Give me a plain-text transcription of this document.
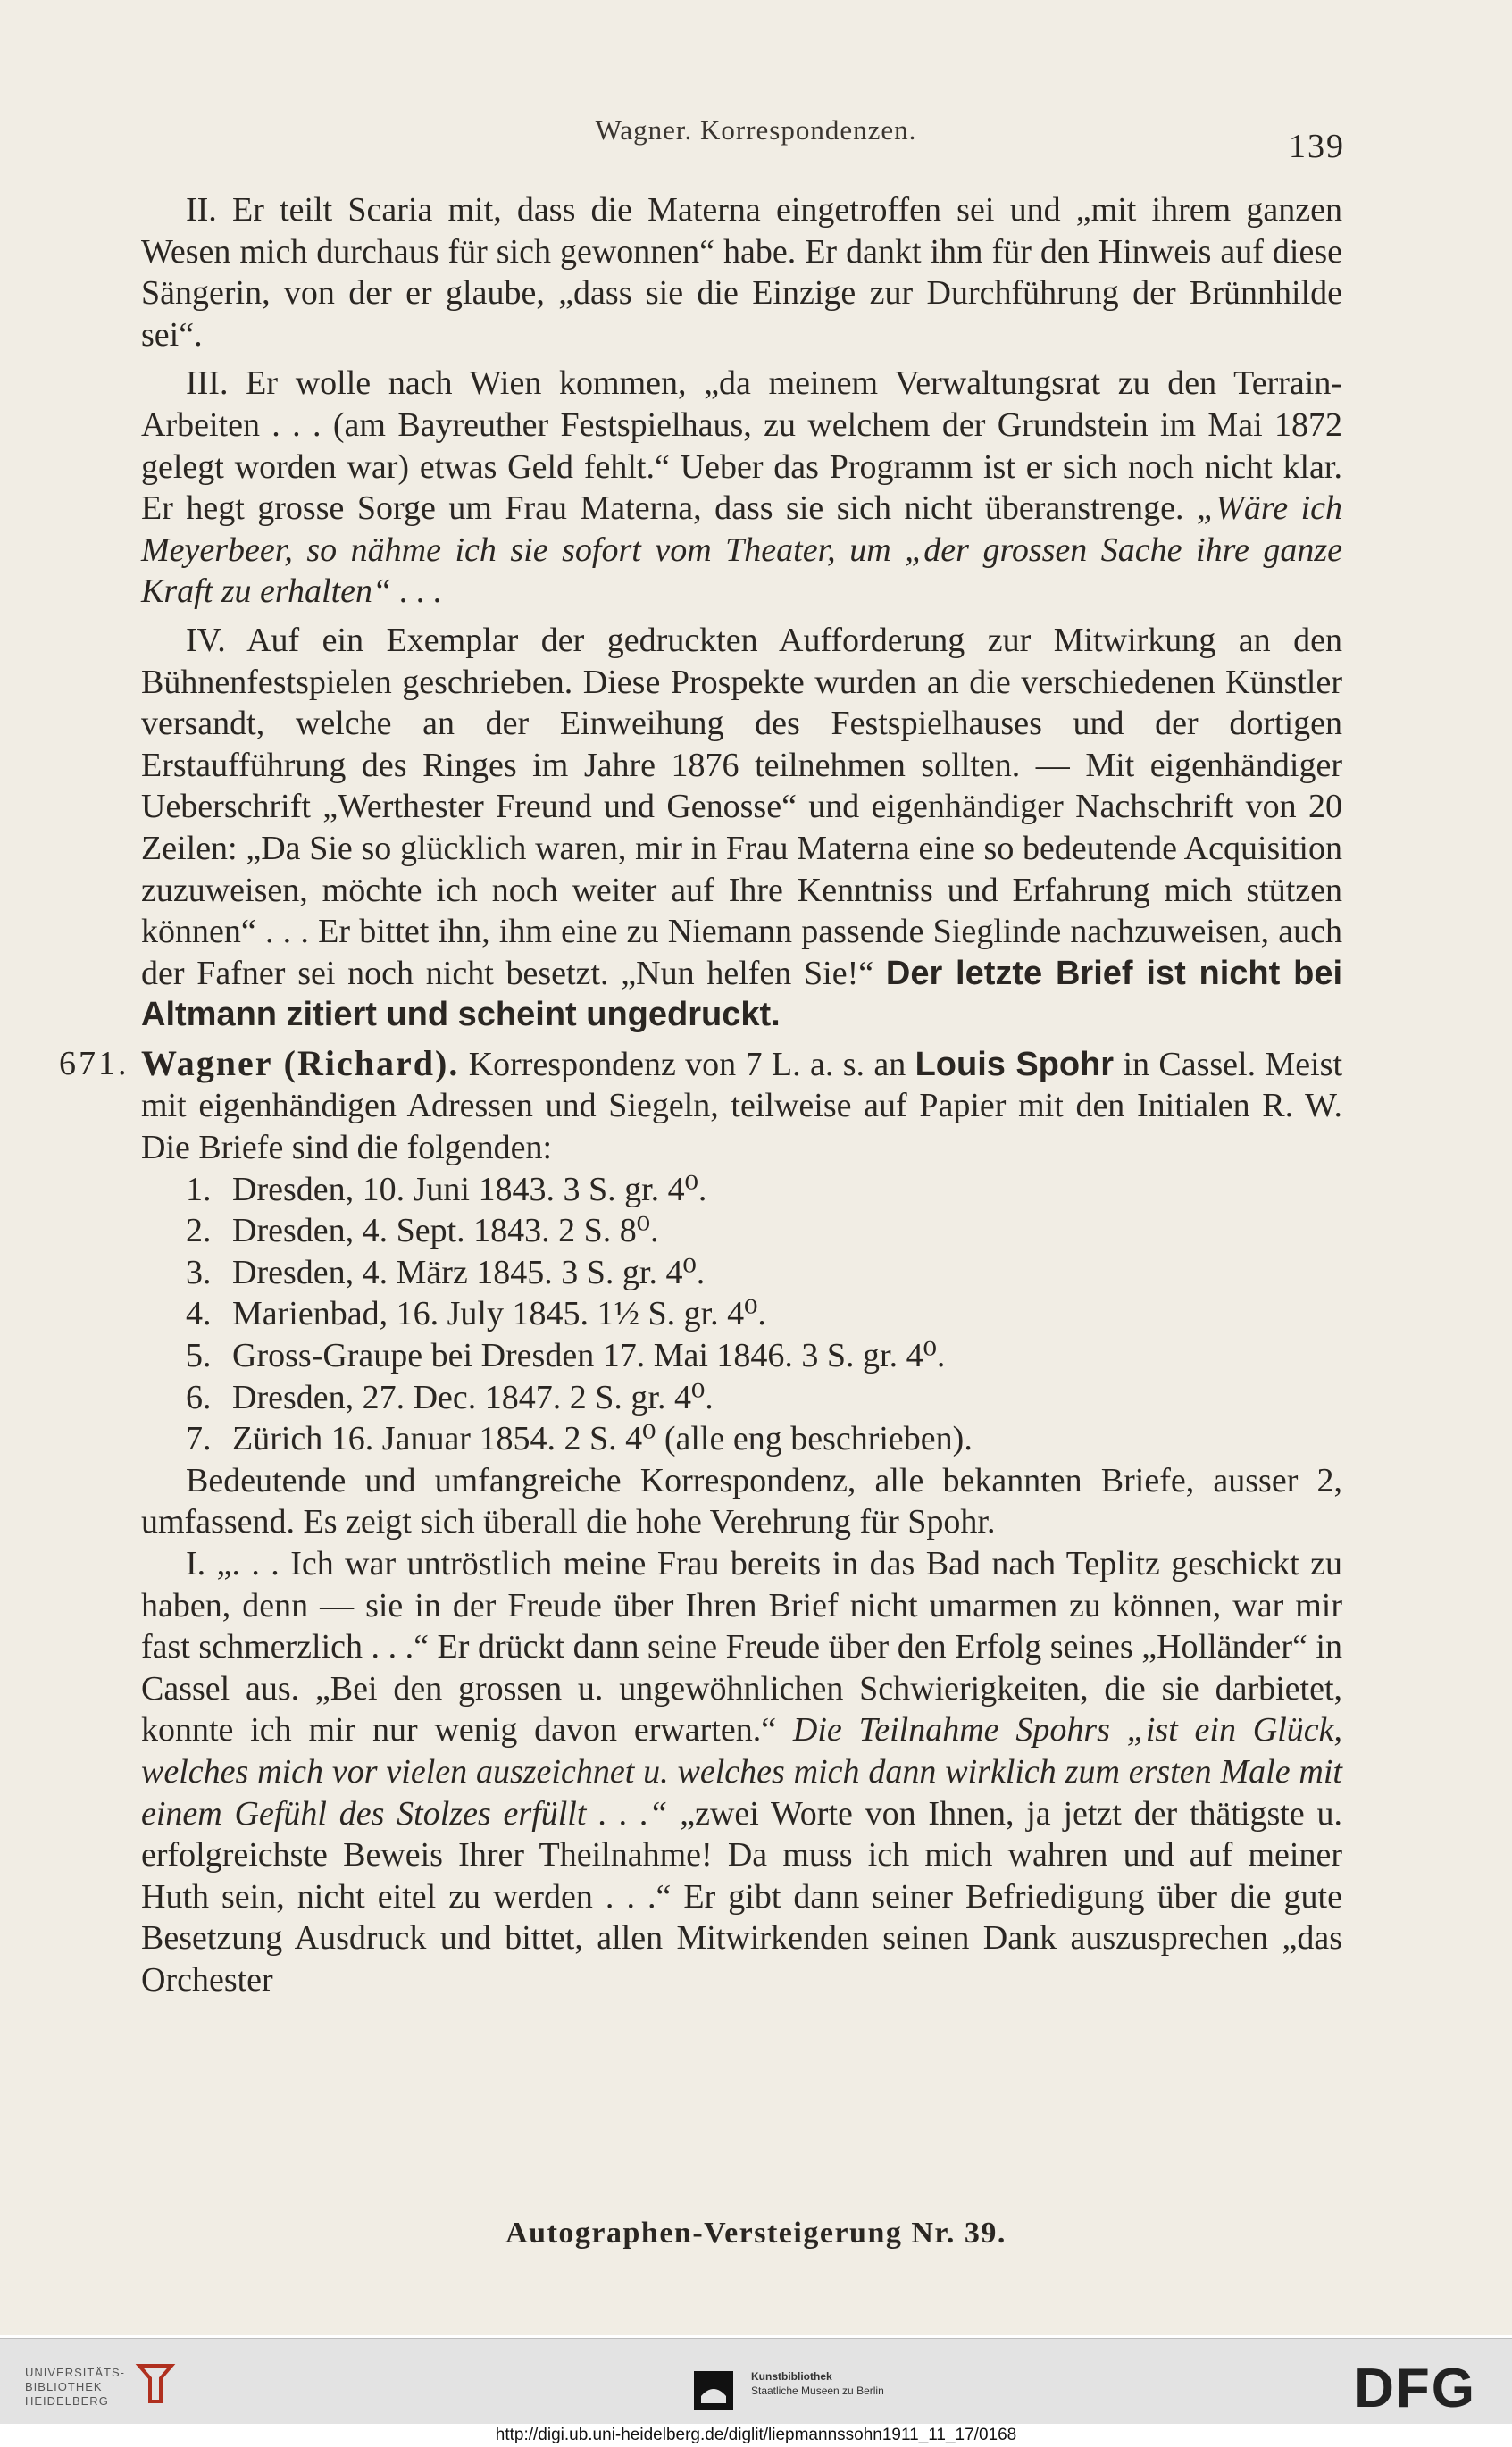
Wagner. Korrespondenzen.	139

II. Er teilt Scaria mit, dass die Materna eingetroffen sei und „mit ihrem ganzen Wesen mich durchaus für sich gewonnen“ habe. Er dankt ihm für den Hinweis auf diese Sängerin, von der er glaube, „dass sie die Einzige zur Durchführung der Brünnhilde sei“.

III. Er wolle nach Wien kommen, „da meinem Verwaltungsrat zu den Terrain-Arbeiten . . . (am Bayreuther Festspielhaus, zu welchem der Grundstein im Mai 1872 gelegt worden war) etwas Geld fehlt.“ Ueber das Programm ist er sich noch nicht klar. Er hegt grosse Sorge um Frau Materna, dass sie sich nicht überanstrenge. „Wäre ich Meyerbeer, so nähme ich sie sofort vom Theater, um „der grossen Sache ihre ganze Kraft zu erhalten“ . . .

IV. Auf ein Exemplar der gedruckten Aufforderung zur Mitwirkung an den Bühnenfestspielen geschrieben. Diese Prospekte wurden an die verschiedenen Künstler versandt, welche an der Einweihung des Festspielhauses und der dortigen Erstaufführung des Ringes im Jahre 1876 teilnehmen sollten. — Mit eigenhändiger Ueberschrift „Werthester Freund und Genosse“ und eigenhändiger Nachschrift von 20 Zeilen: „Da Sie so glücklich waren, mir in Frau Materna eine so bedeutende Acquisition zuzuweisen, möchte ich noch weiter auf Ihre Kenntniss und Erfahrung mich stützen können“ . . . Er bittet ihn, ihm eine zu Niemann passende Sieglinde nachzuweisen, auch der Fafner sei noch nicht besetzt. „Nun helfen Sie!“ Der letzte Brief ist nicht bei Altmann zitiert und scheint ungedruckt.

671. Wagner (Richard). Korrespondenz von 7 L. a. s. an Louis Spohr in Cassel. Meist mit eigenhändigen Adressen und Siegeln, teilweise auf Papier mit den Initialen R. W. Die Briefe sind die folgenden:

1. Dresden, 10. Juni 1843. 3 S. gr. 4⁰.
2. Dresden, 4. Sept. 1843. 2 S. 8⁰.
3. Dresden, 4. März 1845. 3 S. gr. 4⁰.
4. Marienbad, 16. July 1845. 1½ S. gr. 4⁰.
5. Gross-Graupe bei Dresden 17. Mai 1846. 3 S. gr. 4⁰.
6. Dresden, 27. Dec. 1847. 2 S. gr. 4⁰.
7. Zürich 16. Januar 1854. 2 S. 4⁰ (alle eng beschrieben).

Bedeutende und umfangreiche Korrespondenz, alle bekannten Briefe, ausser 2, umfassend. Es zeigt sich überall die hohe Verehrung für Spohr.

I. „. . . Ich war untröstlich meine Frau bereits in das Bad nach Teplitz geschickt zu haben, denn — sie in der Freude über Ihren Brief nicht umarmen zu können, war mir fast schmerzlich . . .“ Er drückt dann seine Freude über den Erfolg seines „Holländer“ in Cassel aus. „Bei den grossen u. ungewöhnlichen Schwierigkeiten, die sie darbietet, konnte ich mir nur wenig davon erwarten.“ Die Teilnahme Spohrs „ist ein Glück, welches mich vor vielen auszeichnet u. welches mich dann wirklich zum ersten Male mit einem Gefühl des Stolzes erfüllt . . .“ „zwei Worte von Ihnen, ja jetzt der thätigste u. erfolgreichste Beweis Ihrer Theilnahme! Da muss ich mich wahren und auf meiner Huth sein, nicht eitel zu werden . . .“ Er gibt dann seiner Befriedigung über die gute Besetzung Ausdruck und bittet, allen Mitwirkenden seinen Dank auszusprechen „das Orchester

Autographen-Versteigerung Nr. 39.
UNIVERSITÄTS-
BIBLIOTHEK
HEIDELBERG
Kunstbibliothek
Staatliche Museen zu Berlin	DFG
http://digi.ub.uni-heidelberg.de/diglit/liepmannssohn1911_11_17/0168
